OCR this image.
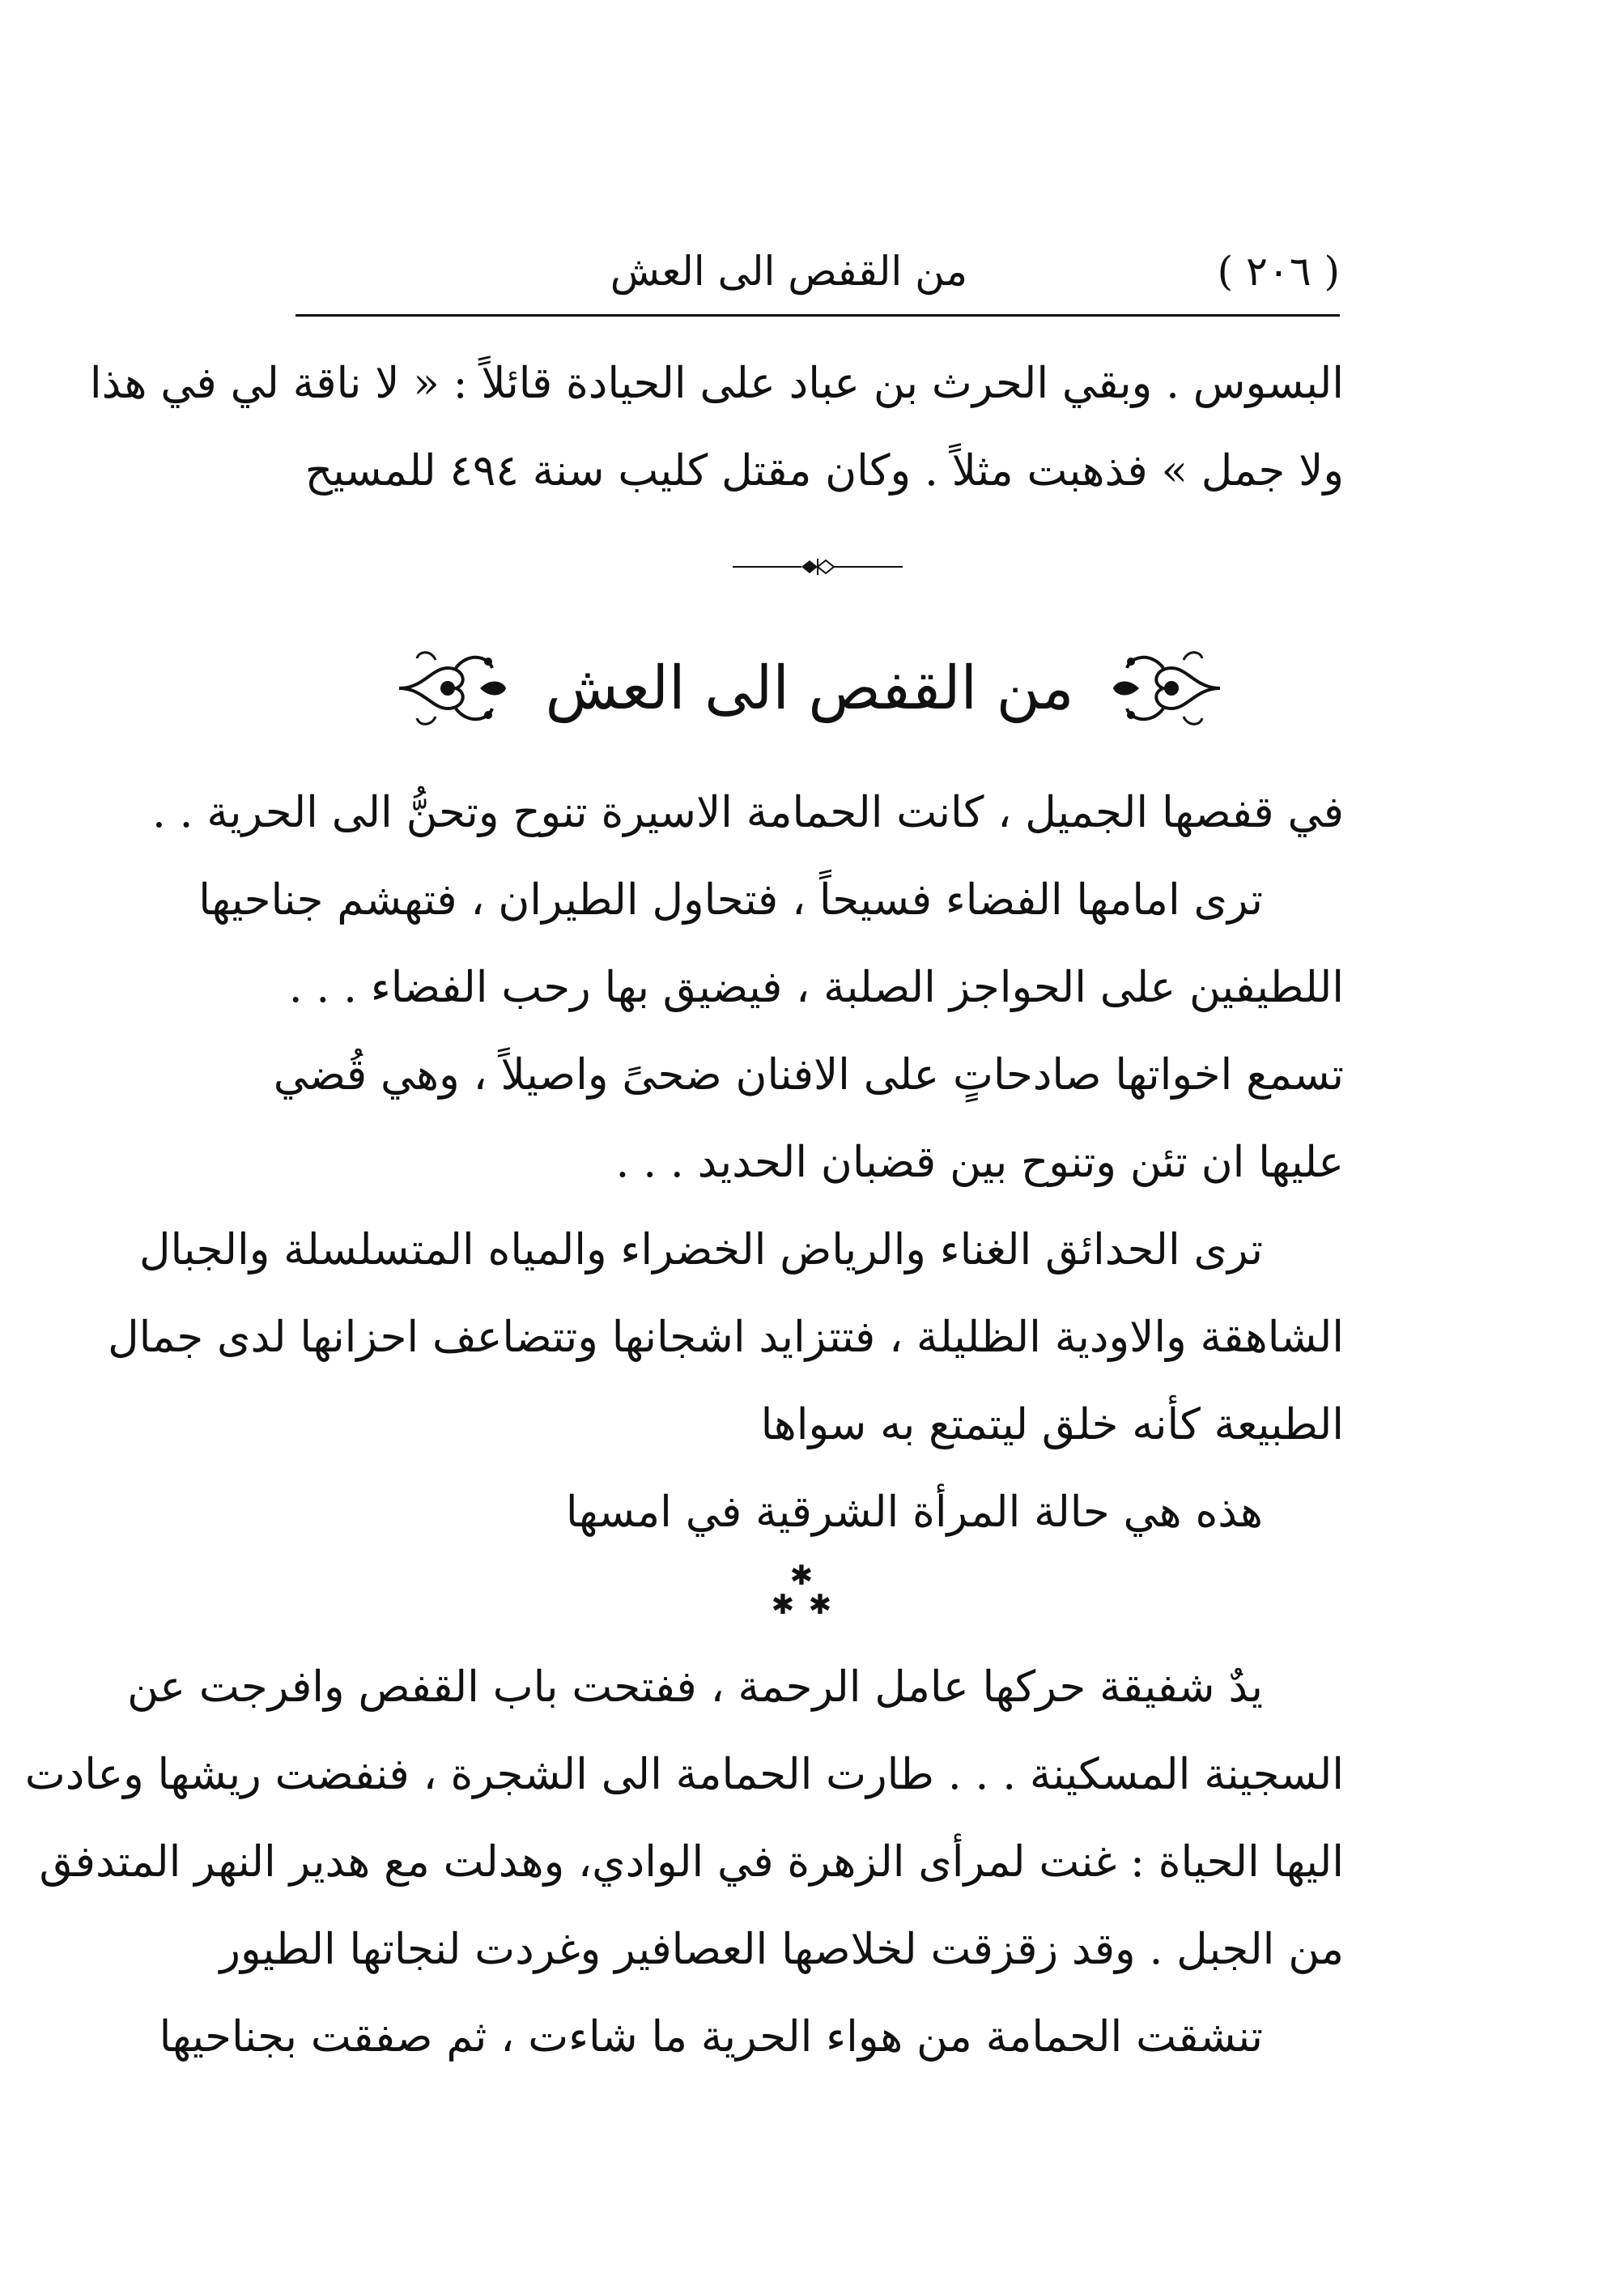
( ٢٠٦ )
من القفص الى العش
البسوس . وبقي الحرث بن عباد على الحيادة قائلاً : « لا ناقة لي في هذا
ولا جمل » فذهبت مثلاً . وكان مقتل كليب سنة ٤٩٤ للمسيح
من القفص الى العش
في قفصها الجميل ، كانت الحمامة الاسيرة تنوح وتحنُّ الى الحرية . .
ترى امامها الفضاء فسيحاً ، فتحاول الطيران ، فتهشم جناحيها
اللطيفين على الحواجز الصلبة ، فيضيق بها رحب الفضاء . . .
تسمع اخواتها صادحاتٍ على الافنان ضحىً واصيلاً ، وهي قُضي
عليها ان تئن وتنوح بين قضبان الحديد . . .
ترى الحدائق الغناء والرياض الخضراء والمياه المتسلسلة والجبال
الشاهقة والاودية الظليلة ، فتتزايد اشجانها وتتضاعف احزانها لدى جمال
الطبيعة كأنه خلق ليتمتع به سواها
هذه هي حالة المرأة الشرقية في امسها
✱
✱ ✱
يدٌ شفيقة حركها عامل الرحمة ، ففتحت باب القفص وافرجت عن
السجينة المسكينة . . . طارت الحمامة الى الشجرة ، فنفضت ريشها وعادت
اليها الحياة : غنت لمرأى الزهرة في الوادي، وهدلت مع هدير النهر المتدفق
من الجبل . وقد زقزقت لخلاصها العصافير وغردت لنجاتها الطيور
تنشقت الحمامة من هواء الحرية ما شاءت ، ثم صفقت بجناحيها
